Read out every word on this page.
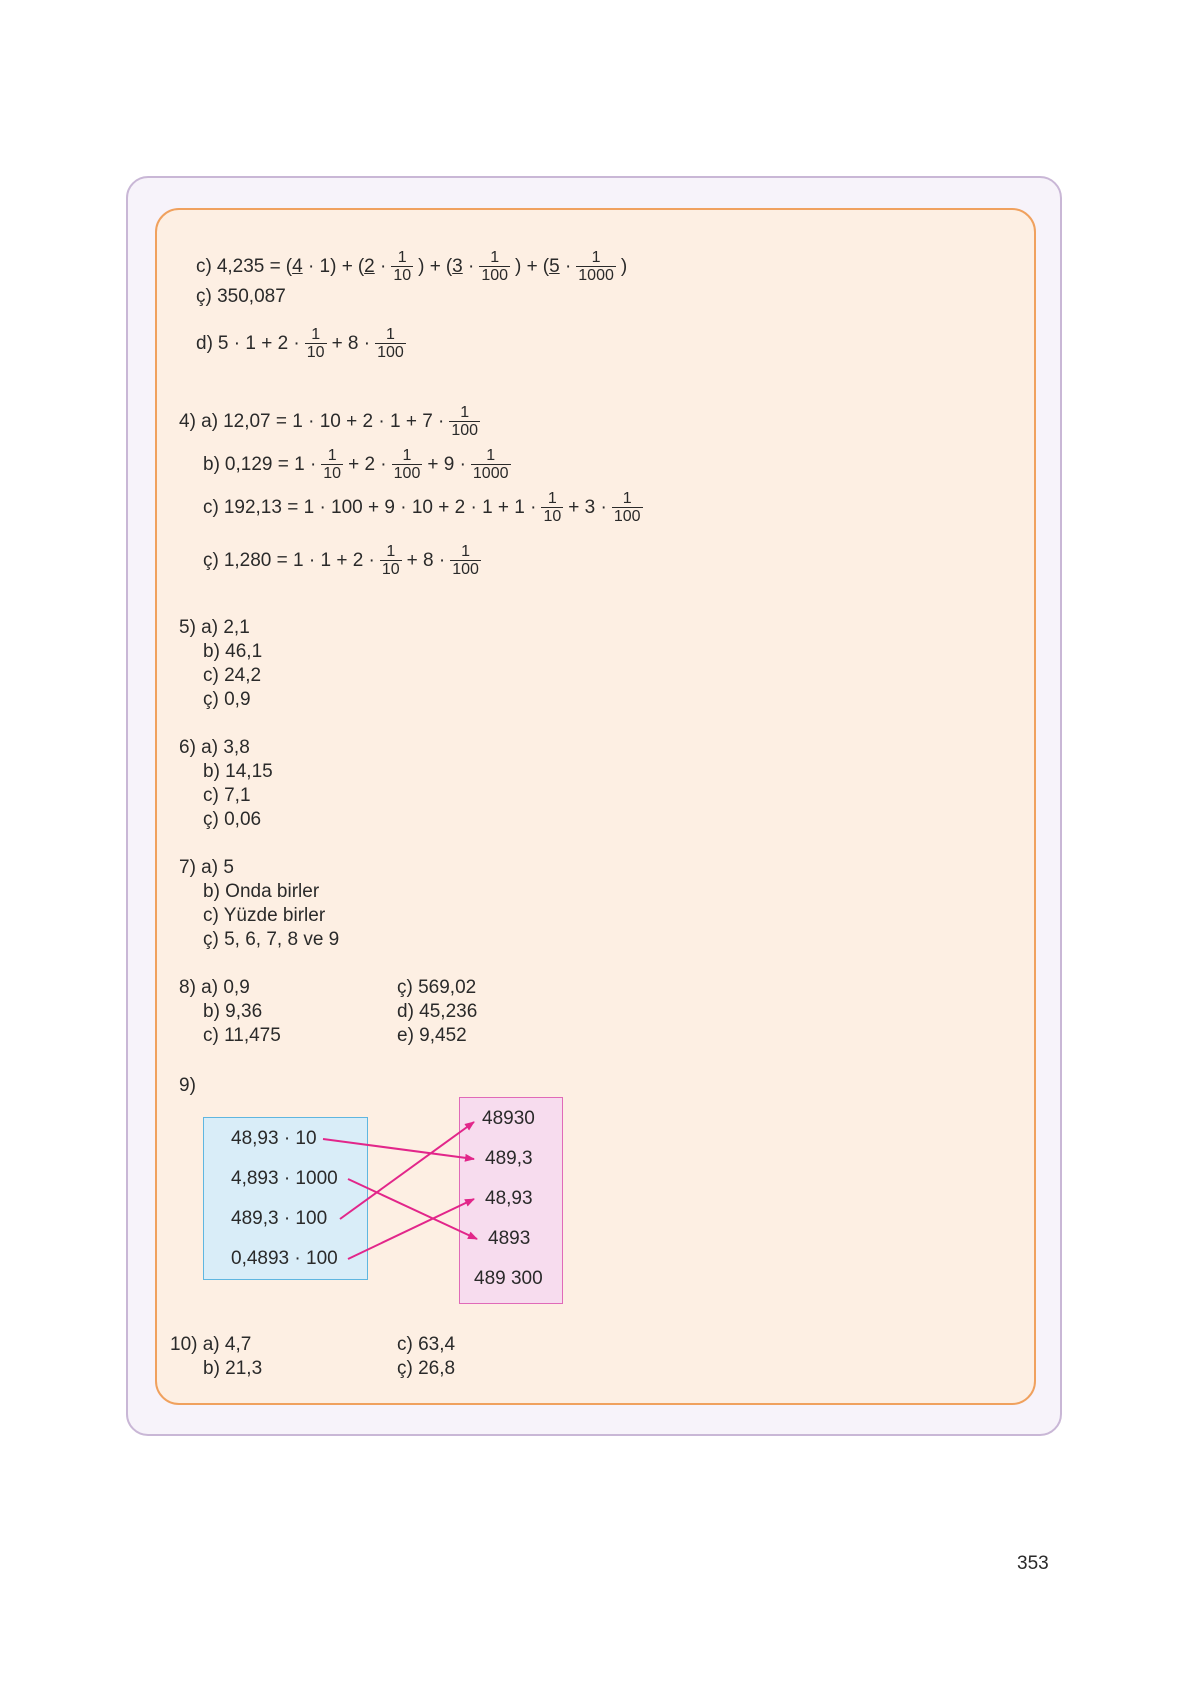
c) $4,235 = (4 \cdot 1) + (2 \cdot \frac{1}{10}$ ) + ($3 \cdot \frac{1}{100}$ ) + ($5 \cdot \frac{1}{1000}$ )
ç) 350,087
d) $5 \cdot 1 + 2 \cdot \frac{1}{10} + 8 \cdot \frac{1}{100}$
4) a) $12,07 = 1 \cdot 10 + 2 \cdot 1 + 7 \cdot \frac{1}{100}$
b) $0,129 = 1 \cdot \frac{1}{10} + 2 \cdot \frac{1}{100} + 9 \cdot \frac{1}{1000}$
c) $192,13 = 1 \cdot 100 + 9 \cdot 10 + 2 \cdot 1 + 1 \cdot \frac{1}{10} + 3 \cdot \frac{1}{100}$
ç) $1,280 = 1 \cdot 1 + 2 \cdot \frac{1}{10} + 8 \cdot \frac{1}{100}$
5) a) 2,1
b) 46,1
c) 24,2
ç) 0,9
6) a) 3,8
b) 14,15
c) 7,1
ç) 0,06
7) a) 5
b) Onda birler
c) Yüzde birler
ç) 5, 6, 7, 8 ve 9
8) a) 0,9
b) 9,36
c) 11,475
ç) 569,02
d) 45,236
e) 9,452
9)
48,93 · 10
4,893 · 1000
489,3 · 100
0,4893 · 100
48930
489,3
48,93
4893
489 300
10) a) 4,7
b) 21,3
c) 63,4
ç) 26,8
353
